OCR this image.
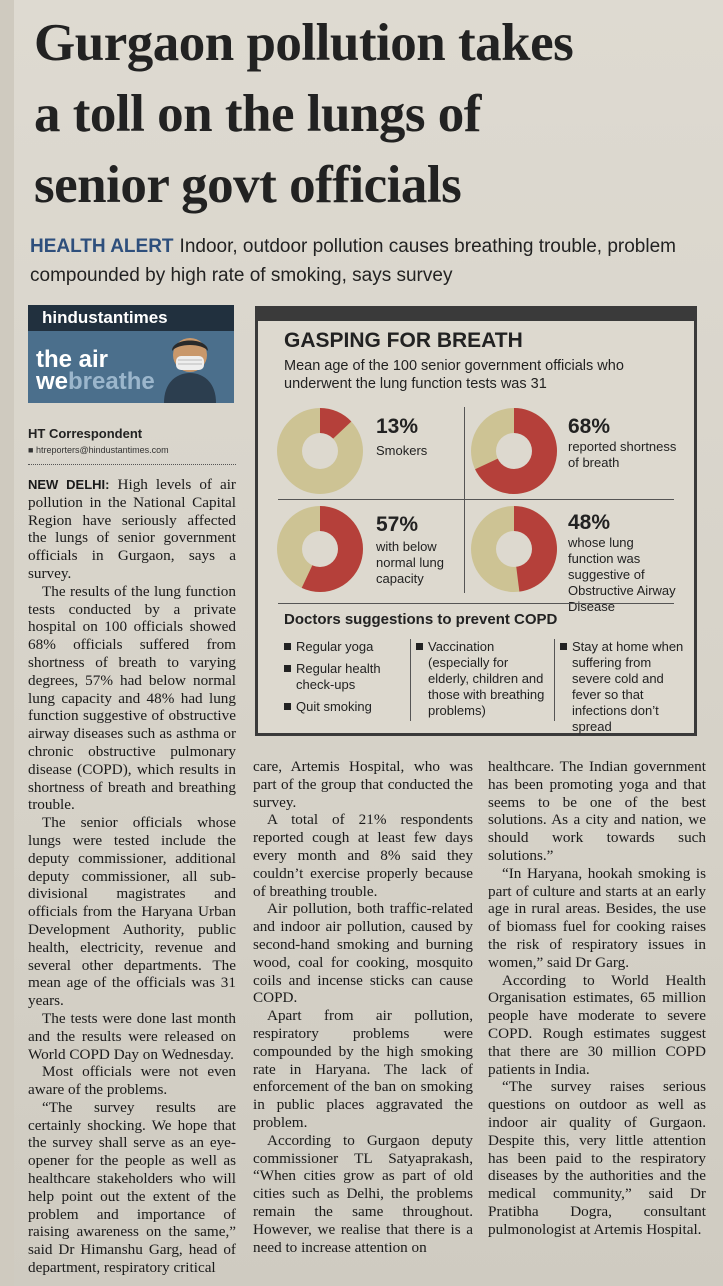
Gurgaon pollution takes
a toll on the lungs of
senior govt officials
HEALTH ALERT Indoor, outdoor pollution causes breathing trouble, problem compounded by high rate of smoking, says survey
hindustantimes
the air
webreathe
HT Correspondent
■ htreporters@hindustantimes.com

NEW DELHI: High levels of air pollution in the National Capital Region have seriously affected the lungs of senior government officials in Gurgaon, says a survey.

The results of the lung function tests conducted by a private hospital on 100 officials showed 68% officials suffered from shortness of breath to varying degrees, 57% had below normal lung capacity and 48% had lung function suggestive of obstructive airway diseases such as asthma or chronic obstructive pulmonary disease (COPD), which results in shortness of breath and breathing trouble.

The senior officials whose lungs were tested include the deputy commissioner, additional deputy commissioner, all sub-divisional magistrates and officials from the Haryana Urban Development Authority, public health, electricity, revenue and several other departments. The mean age of the officials was 31 years.

The tests were done last month and the results were released on World COPD Day on Wednesday.

Most officials were not even aware of the problems.

“The survey results are certainly shocking. We hope that the survey shall serve as an eye-opener for the people as well as healthcare stakeholders who will help point out the extent of the problem and importance of raising awareness on the same,” said Dr Himanshu Garg, head of department, respiratory critical

care, Artemis Hospital, who was part of the group that conducted the survey.

A total of 21% respondents reported cough at least few days every month and 8% said they couldn’t exercise properly because of breathing trouble.

Air pollution, both traffic-related and indoor air pollution, caused by second-hand smoking and burning wood, coal for cooking, mosquito coils and incense sticks can cause COPD.

Apart from air pollution, respiratory problems were compounded by the high smoking rate in Haryana. The lack of enforcement of the ban on smoking in public places aggravated the problem.

According to Gurgaon deputy commissioner TL Satyaprakash, “When cities grow as part of old cities such as Delhi, the problems remain the same throughout. However, we realise that there is a need to increase attention on

healthcare. The Indian government has been promoting yoga and that seems to be one of the best solutions. As a city and nation, we should work towards such solutions.”

“In Haryana, hookah smoking is part of culture and starts at an early age in rural areas. Besides, the use of biomass fuel for cooking raises the risk of respiratory issues in women,” said Dr Garg.

According to World Health Organisation estimates, 65 million people have moderate to severe COPD. Rough estimates suggest that there are 30 million COPD patients in India.

“The survey raises serious questions on outdoor as well as indoor air quality of Gurgaon. Despite this, very little attention has been paid to the respiratory diseases by the authorities and the medical community,” said Dr Pratibha Dogra, consultant pulmonologist at Artemis Hospital.

GASPING FOR BREATH
Mean age of the 100 senior government officials who underwent the lung function tests was 31
13%
Smokers
68%
reported shortness of breath
57%
with below normal lung capacity
48%
whose lung function was suggestive of Obstructive Airway Disease
Doctors suggestions to prevent COPD
Regular yoga
Regular health check-ups
Quit smoking
Vaccination (especially for elderly, children and those with breathing problems)
Stay at home when suffering from severe cold and fever so that infections don’t spread
